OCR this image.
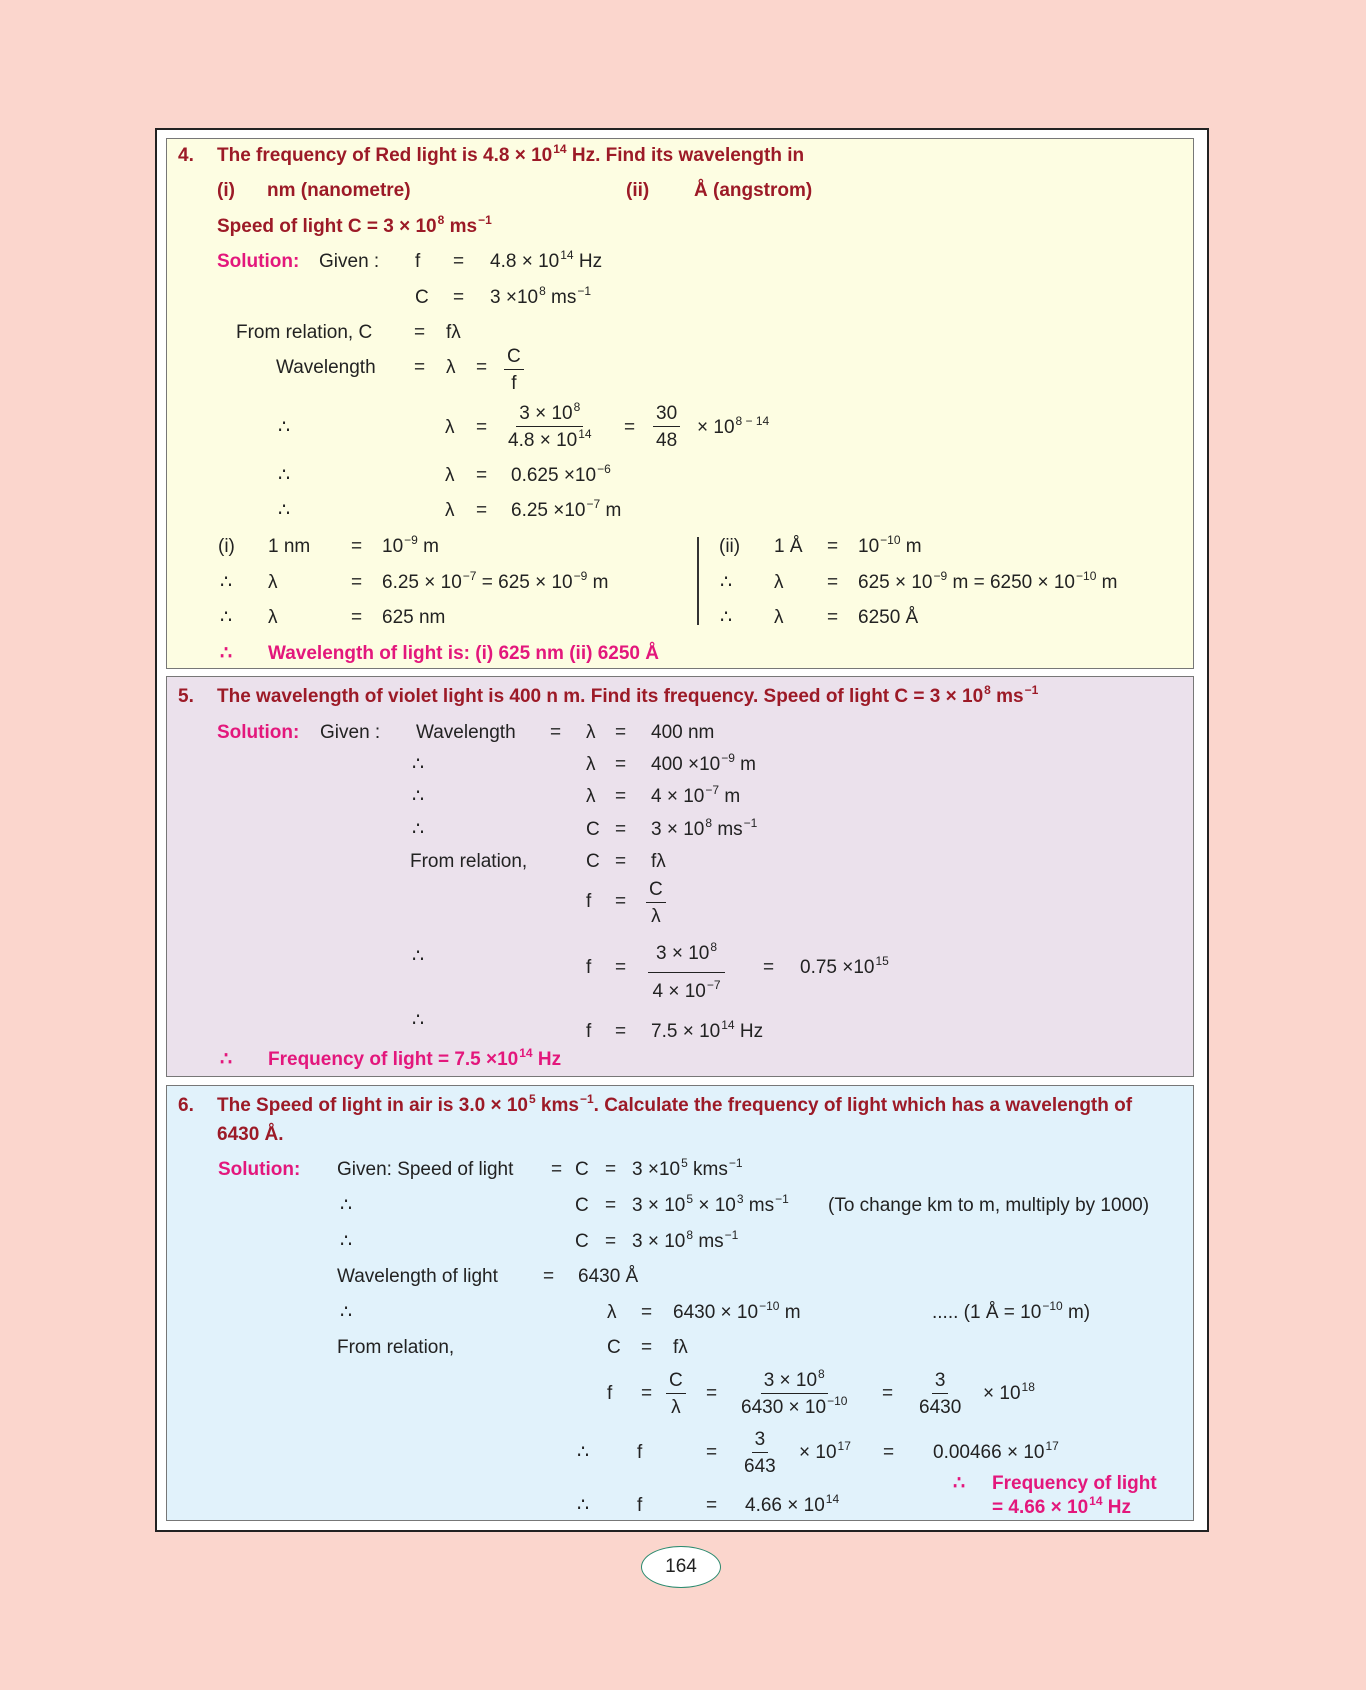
4. The frequency of Red light is $4.8 \times 10^{14}$ Hz. Find its wavelength in
(i) nm (nanometre)	(ii) Å (angstrom)
Speed of light $C = 3 \times 10^8$ $ms^{-1}$
Solution: Given : $f = 4.8 \times 10^{14}$ Hz
$C = 3 \times 10^8$ $ms^{-1}$
From relation, C = fλ
Wavelength = $\lambda = \frac{C}{f}$
∴	$\lambda = \frac{3 \times 10^8}{4.8 \times 10^{14}} = \frac{30}{48} \times 10^{8 - 14}$
∴	$\lambda = 0.625 \times 10^{-6}$
∴	$\lambda = 6.25 \times 10^{-7}$ m
(i) 1 nm = $10^{-9}$ m
∴ λ	= $6.25 \times 10^{-7} = 625 \times 10^{-9}$ m
∴ λ	= 625 nm
(ii) 1 Å = $10^{-10}$ m
∴ $\lambda = 625 \times 10^{-9}$ $m = 6250 \times 10^{-10}$ m
∴ λ = 6250 Å
∴ Wavelength of light is: (i) 625 nm (ii) 6250 Å
5. The wavelength of violet light is 400 n m. Find its frequency. Speed of light $C = 3 \times 10^8$ $ms^{-1}$
Solution: Given : Wavelength = λ = 400 nm
∴	$\lambda = 400 \times 10^{-9}$ m
∴	$\lambda = 4 \times 10^{-7}$ m
∴	$C = 3 \times 10^8$ $ms^{-1}$
From relation,	C = fλ
$f = \frac{C}{\lambda}$
∴
$f = \frac{3 \times 10^8}{4 \times 10^{-7}} = 0.75 \times 10^{15}$
∴
$f = 7.5 \times 10^{14}$ Hz
∴ Frequency of light = $7.5 \times 10^{14}$ Hz
6. The Speed of light in air is $3.0 \times 10^5$ kms$^{-1}$. Calculate the frequency of light which has a wavelength of
6430 Å.
Solution: Given: Speed of light = $C = 3 \times 10^5$ kms$^{-1}$
∴	$C = 3 \times 10^5 \times 10^3$ $ms^{-1}$ (To change km to m, multiply by 1000)
∴	$C = 3 \times 10^8$ $ms^{-1}$
Wavelength of light = 6430 Å
∴	$\lambda = 6430 \times 10^{-10}$ m	..... (1 Å = $10^{-10}$ m)
From relation,	C = fλ
$f = \frac{C}{\lambda} = \frac{3 \times 10^8}{6430 \times 10^{-10}} = \frac{3}{6430} \times 10^{18}$
∴	f	= $\frac{3}{643} \times 10^{17} = 0.00466 \times 10^{17}$
∴ Frequency of light
= $4.66 \times 10^{14}$ Hz
∴	f	= $4.66 \times 10^{14}$
164
